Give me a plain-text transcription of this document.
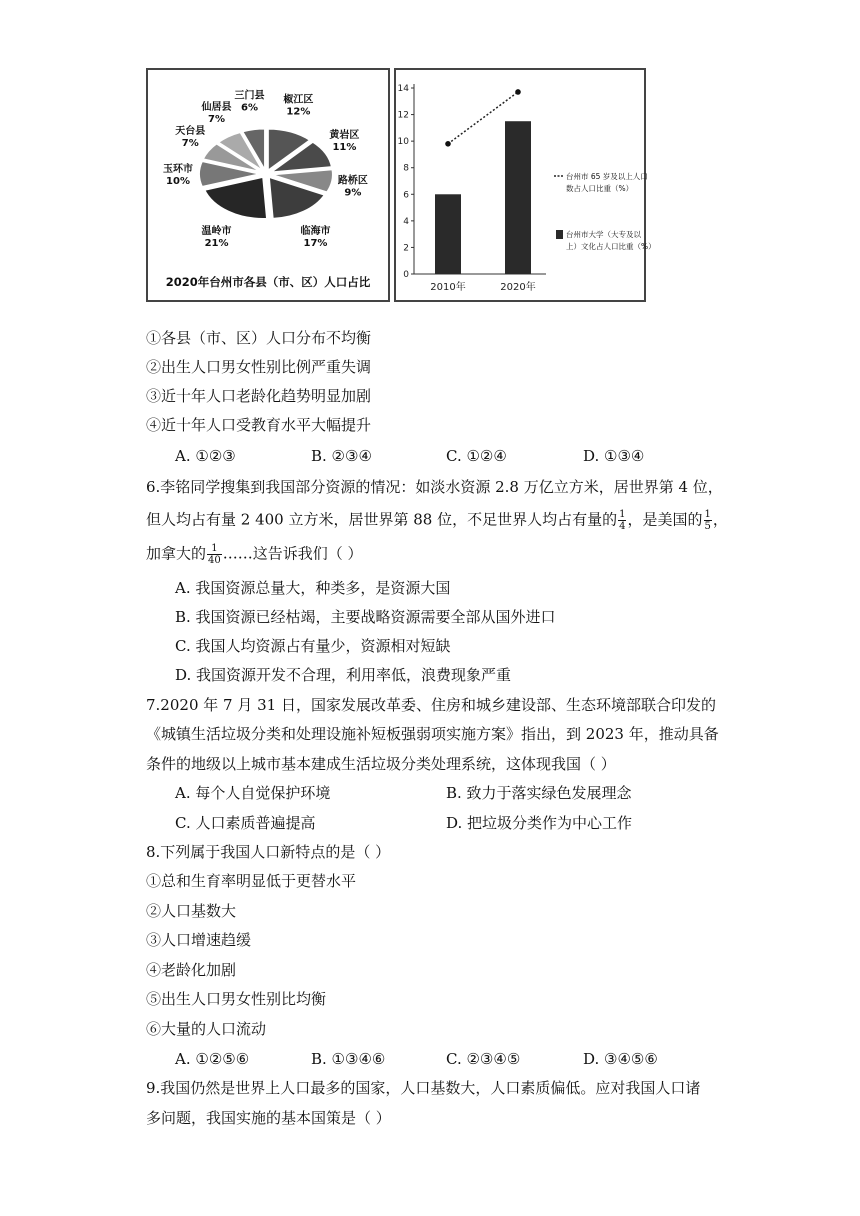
椒江区
12%
黄岩区
11%
路桥区
9%
临海市
17%
温岭市
21%
玉环市
10%
天台县
7%
仙居县
7%
三门县
6%
2020年台州市各县（市、区）人口占比	0
2
4
6
8
10
12
14
2010年	2020年
台州市 65 岁及以上人口
数占人口比重（%）
台州市大学（大专及以
上）文化占人口比重（%）
①各县（市、区）人口分布不均衡
②出生人口男女性别比例严重失调
③近十年人口老龄化趋势明显加剧
④近十年人口受教育水平大幅提升
A. ①②③	B. ②③④	C. ①②④	D. ①③④
6.李铭同学搜集到我国部分资源的情况：如淡水资源 2.8 万亿立方米，居世界第 4 位，
但人均占有量 2 400 立方米，居世界第 88 位，不足世界人均占有量的 $\frac{1}{4}$ ，是美国的 $\frac{1}{5}$ ，
加拿大的 $\frac{1}{40}$ ……这告诉我们（ ）
A. 我国资源总量大，种类多，是资源大国
B. 我国资源已经枯竭，主要战略资源需要全部从国外进口
C. 我国人均资源占有量少，资源相对短缺
D. 我国资源开发不合理，利用率低，浪费现象严重
7.2020 年 7 月 31 日，国家发展改革委、住房和城乡建设部、生态环境部联合印发的
《城镇生活垃圾分类和处理设施补短板强弱项实施方案》指出，到 2023 年，推动具备
条件的地级以上城市基本建成生活垃圾分类处理系统，这体现我国（ ）
A. 每个人自觉保护环境	B. 致力于落实绿色发展理念
C. 人口素质普遍提高	D. 把垃圾分类作为中心工作
8.下列属于我国人口新特点的是（ ）
①总和生育率明显低于更替水平
②人口基数大
③人口增速趋缓
④老龄化加剧
⑤出生人口男女性别比均衡
⑥大量的人口流动
A. ①②⑤⑥	B. ①③④⑥	C. ②③④⑤	D. ③④⑤⑥
9.我国仍然是世界上人口最多的国家，人口基数大，人口素质偏低。应对我国人口诸
多问题，我国实施的基本国策是（ ）
